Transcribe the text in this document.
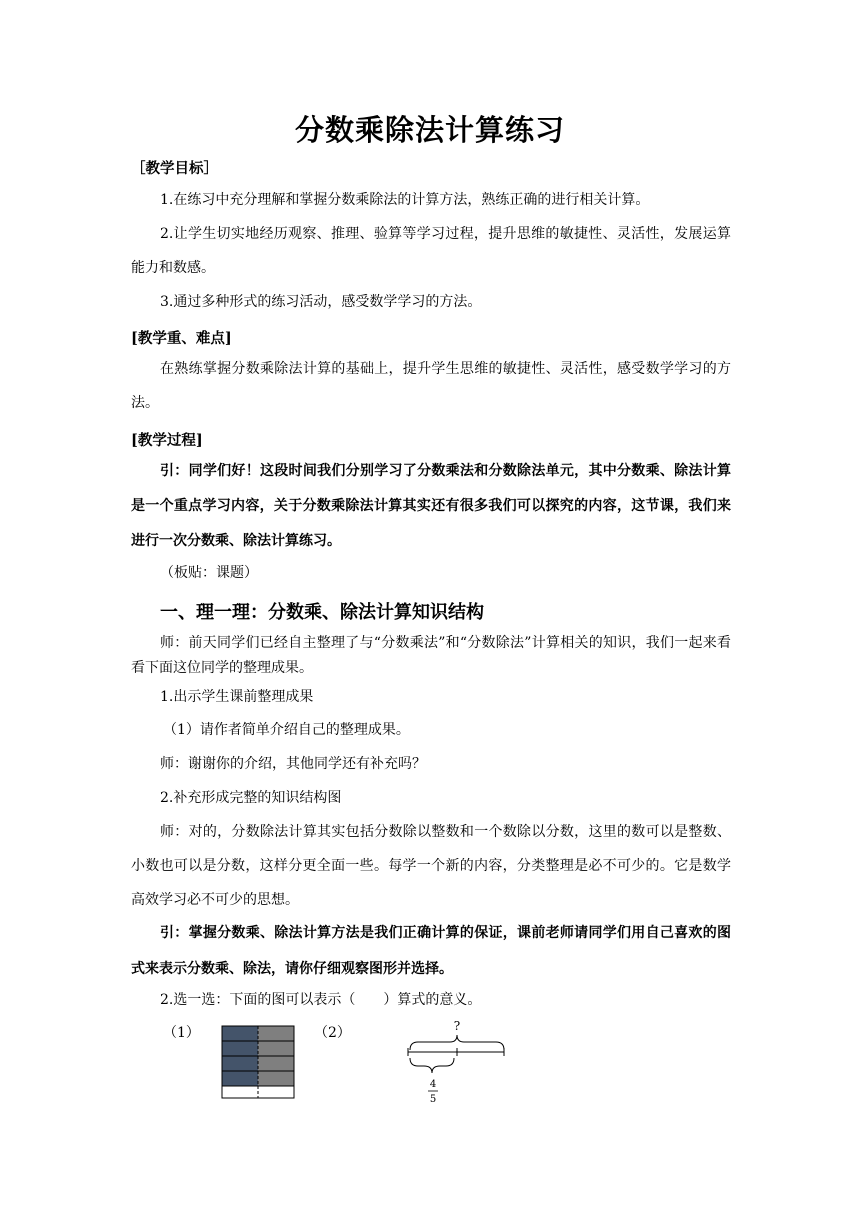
分数乘除法计算练习
［教学目标］
1.在练习中充分理解和掌握分数乘除法的计算方法，熟练正确的进行相关计算。
2.让学生切实地经历观察、推理、验算等学习过程，提升思维的敏捷性、灵活性，发展运算能力和数感。
3.通过多种形式的练习活动，感受数学学习的方法。
[教学重、难点]
在熟练掌握分数乘除法计算的基础上，提升学生思维的敏捷性、灵活性，感受数学学习的方法。
[教学过程]
引：同学们好！这段时间我们分别学习了分数乘法和分数除法单元，其中分数乘、除法计算是一个重点学习内容，关于分数乘除法计算其实还有很多我们可以探究的内容，这节课，我们来进行一次分数乘、除法计算练习。
（板贴：课题）
一、理一理：分数乘、除法计算知识结构
师：前天同学们已经自主整理了与“分数乘法”和“分数除法”计算相关的知识，我们一起来看看下面这位同学的整理成果。
1.出示学生课前整理成果
（1）请作者简单介绍自己的整理成果。
师：谢谢你的介绍，其他同学还有补充吗？
2.补充形成完整的知识结构图
师：对的，分数除法计算其实包括分数除以整数和一个数除以分数，这里的数可以是整数、小数也可以是分数，这样分更全面一些。每学一个新的内容，分类整理是必不可少的。它是数学高效学习必不可少的思想。
引：掌握分数乘、除法计算方法是我们正确计算的保证，课前老师请同学们用自己喜欢的图式来表示分数乘、除法，请你仔细观察图形并选择。
2.选一选：下面的图可以表示（　　）算式的意义。
（1）	（2）	?
4
5
